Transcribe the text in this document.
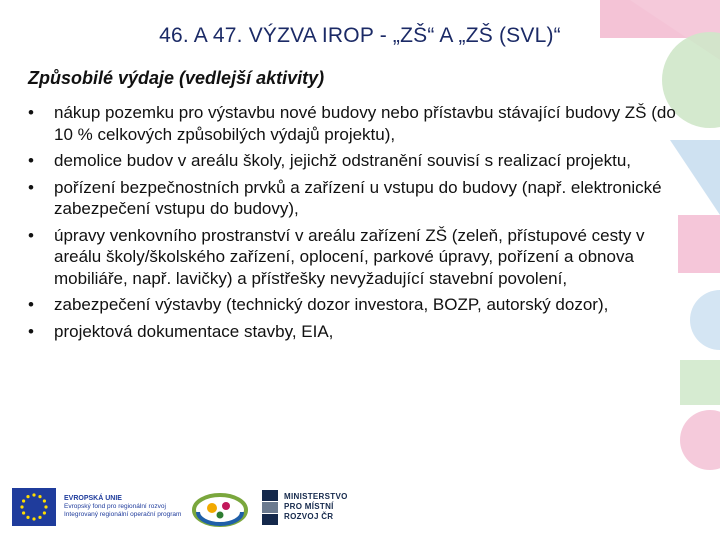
46. A 47. VÝZVA IROP - „ZŠ“ A „ZŠ (SVL)“
Způsobilé výdaje (vedlejší aktivity)
• nákup pozemku pro výstavbu nové budovy nebo přístavbu stávající budovy ZŠ (do 10 % celkových způsobilých výdajů projektu),
• demolice budov v areálu školy, jejichž odstranění souvisí s realizací projektu,
• pořízení bezpečnostních prvků a zařízení u vstupu do budovy (např. elektronické zabezpečení vstupu do budovy),
• úpravy venkovního prostranství v areálu zařízení ZŠ (zeleň, přístupové cesty v areálu školy/školského zařízení, oplocení, parkové úpravy, pořízení a obnova mobiliáře, např. lavičky) a přístřešky nevyžadující stavební povolení,
• zabezpečení výstavby (technický dozor investora, BOZP, autorský dozor),
• projektová dokumentace stavby, EIA,
EVROPSKÁ UNIE
Evropský fond pro regionální rozvoj
Integrovaný regionální operační program
MINISTERSTVO
PRO MÍSTNÍ
ROZVOJ ČR
